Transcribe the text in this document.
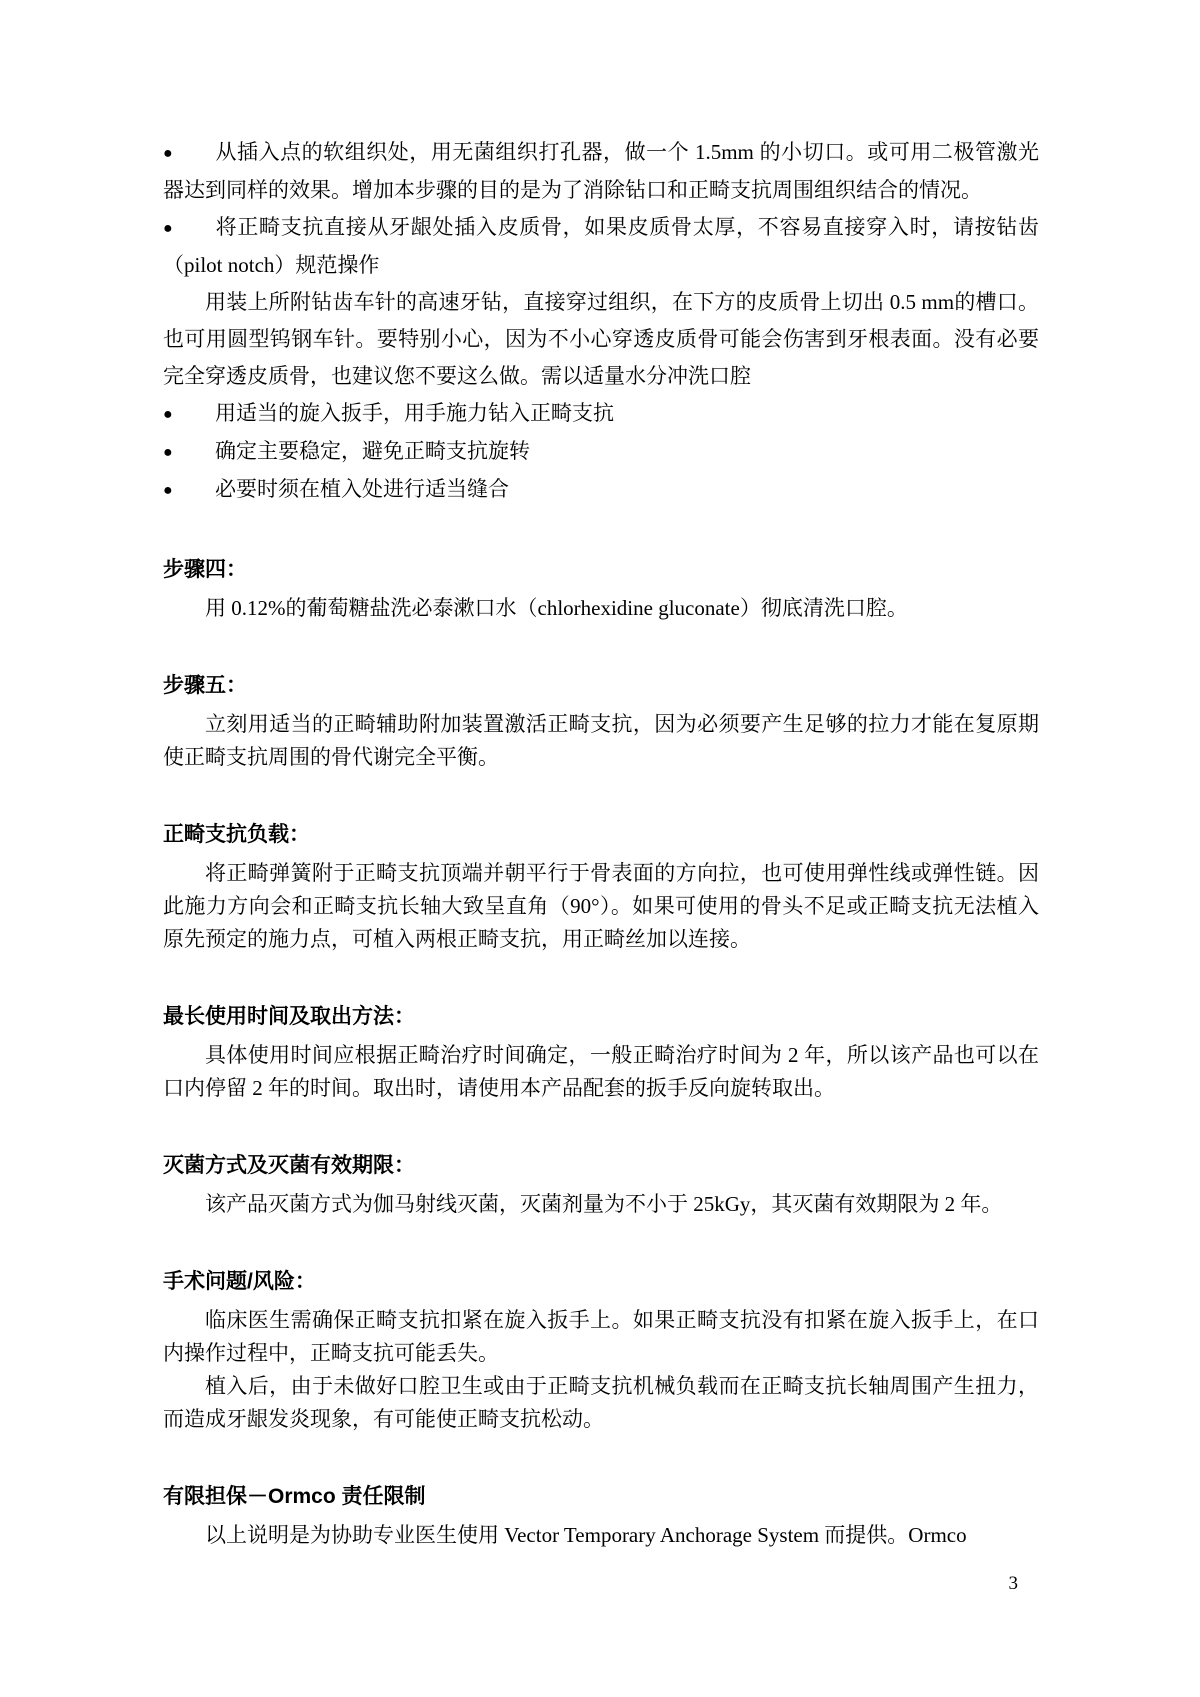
● 从插入点的软组织处，用无菌组织打孔器，做一个 1.5mm 的小切口。或可用二极管激光器达到同样的效果。增加本步骤的目的是为了消除钻口和正畸支抗周围组织结合的情况。

● 将正畸支抗直接从牙龈处插入皮质骨，如果皮质骨太厚，不容易直接穿入时，请按钻齿（pilot notch）规范操作

用装上所附钻齿车针的高速牙钻，直接穿过组织，在下方的皮质骨上切出 0.5 mm的槽口。也可用圆型钨钢车针。要特别小心，因为不小心穿透皮质骨可能会伤害到牙根表面。没有必要完全穿透皮质骨，也建议您不要这么做。需以适量水分冲洗口腔

● 用适当的旋入扳手，用手施力钻入正畸支抗

● 确定主要稳定，避免正畸支抗旋转

● 必要时须在植入处进行适当缝合

步骤四：

用 0.12%的葡萄糖盐洗必泰漱口水（chlorhexidine gluconate）彻底清洗口腔。

步骤五：

立刻用适当的正畸辅助附加装置激活正畸支抗，因为必须要产生足够的拉力才能在复原期使正畸支抗周围的骨代谢完全平衡。

正畸支抗负载：

将正畸弹簧附于正畸支抗顶端并朝平行于骨表面的方向拉，也可使用弹性线或弹性链。因此施力方向会和正畸支抗长轴大致呈直角（90°）。如果可使用的骨头不足或正畸支抗无法植入原先预定的施力点，可植入两根正畸支抗，用正畸丝加以连接。

最长使用时间及取出方法：

具体使用时间应根据正畸治疗时间确定，一般正畸治疗时间为 2 年，所以该产品也可以在口内停留 2 年的时间。取出时，请使用本产品配套的扳手反向旋转取出。

灭菌方式及灭菌有效期限：

该产品灭菌方式为伽马射线灭菌，灭菌剂量为不小于 25kGy，其灭菌有效期限为 2 年。

手术问题/风险：

临床医生需确保正畸支抗扣紧在旋入扳手上。如果正畸支抗没有扣紧在旋入扳手上，在口内操作过程中，正畸支抗可能丢失。

植入后，由于未做好口腔卫生或由于正畸支抗机械负载而在正畸支抗长轴周围产生扭力，而造成牙龈发炎现象，有可能使正畸支抗松动。

有限担保－Ormco 责任限制

以上说明是为协助专业医生使用 Vector Temporary Anchorage System 而提供。Ormco

3
